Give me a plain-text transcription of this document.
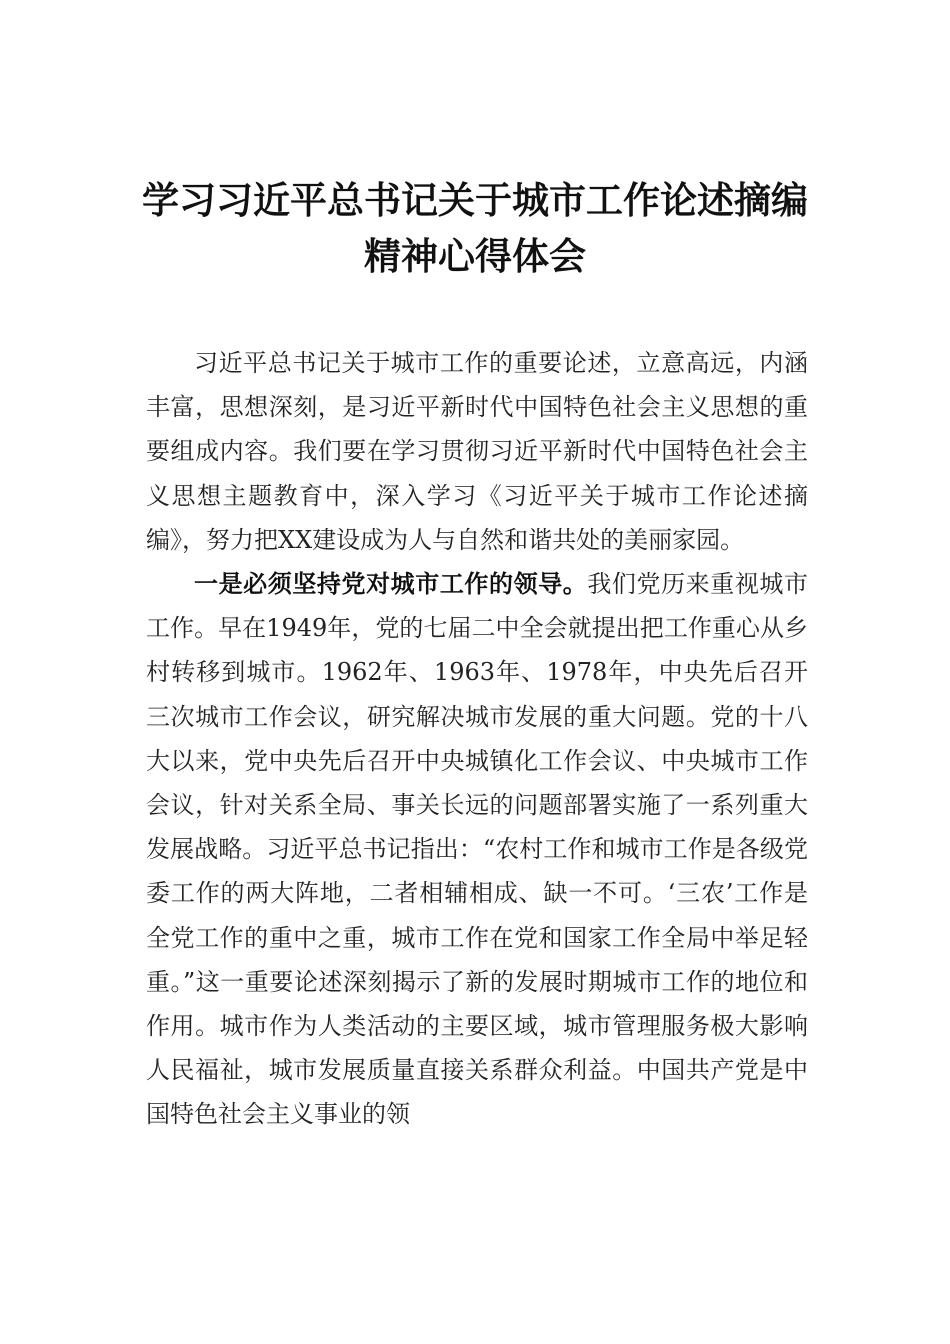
学习习近平总书记关于城市工作论述摘编
精神心得体会

习近平总书记关于城市工作的重要论述，立意高远，内涵丰富，思想深刻，是习近平新时代中国特色社会主义思想的重要组成内容。我们要在学习贯彻习近平新时代中国特色社会主义思想主题教育中，深入学习《习近平关于城市工作论述摘编》，努力把XX建设成为人与自然和谐共处的美丽家园。

一是必须坚持党对城市工作的领导。我们党历来重视城市工作。早在1949年，党的七届二中全会就提出把工作重心从乡村转移到城市。1962年、1963年、1978年，中央先后召开三次城市工作会议，研究解决城市发展的重大问题。党的十八大以来，党中央先后召开中央城镇化工作会议、中央城市工作会议，针对关系全局、事关长远的问题部署实施了一系列重大发展战略。习近平总书记指出：“农村工作和城市工作是各级党委工作的两大阵地，二者相辅相成、缺一不可。‘三农’工作是全党工作的重中之重，城市工作在党和国家工作全局中举足轻重。”这一重要论述深刻揭示了新的发展时期城市工作的地位和作用。城市作为人类活动的主要区域，城市管理服务极大影响人民福祉，城市发展质量直接关系群众利益。中国共产党是中国特色社会主义事业的领
